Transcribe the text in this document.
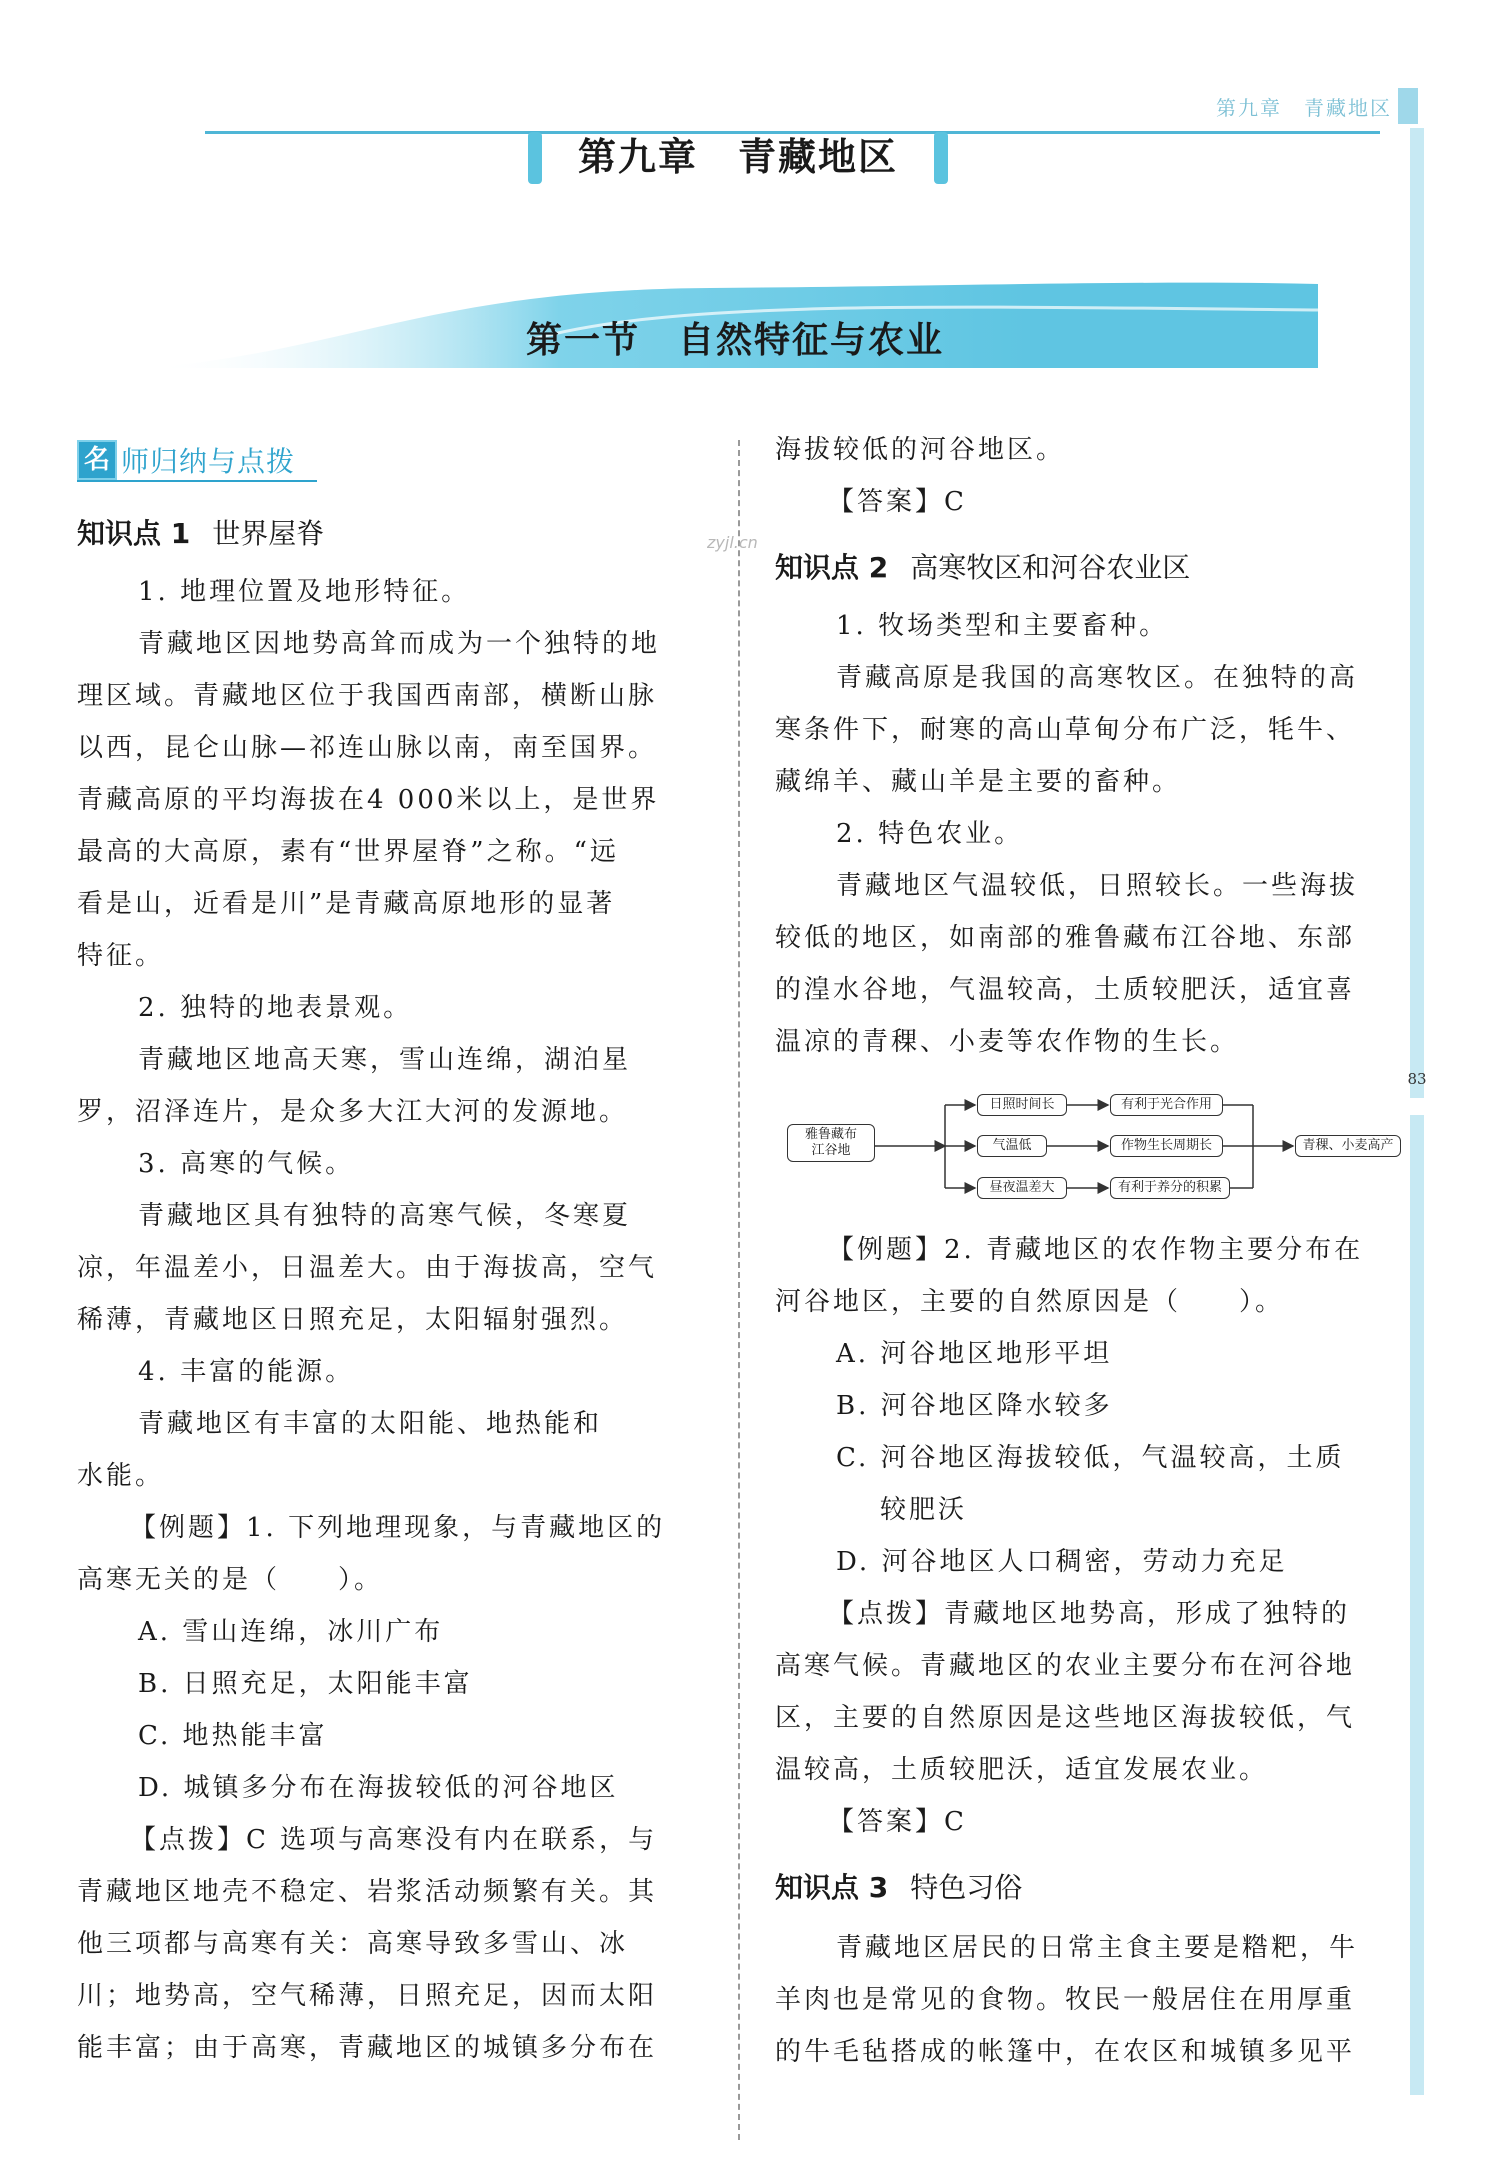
第九章　青藏地区
83
第九章　青藏地区
第一节　自然特征与农业
名 师归纳与点拨
zyjl.cn
知识点 1 世界屋脊
1. 地理位置及地形特征。
青藏地区因地势高耸而成为一个独特的地
理区域。青藏地区位于我国西南部，横断山脉
以西，昆仑山脉—祁连山脉以南，南至国界。
青藏高原的平均海拔在4 000米以上，是世界
最高的大高原，素有“世界屋脊”之称。“远
看是山，近看是川”是青藏高原地形的显著
特征。
2. 独特的地表景观。
青藏地区地高天寒，雪山连绵，湖泊星
罗，沼泽连片，是众多大江大河的发源地。
3. 高寒的气候。
青藏地区具有独特的高寒气候，冬寒夏
凉，年温差小，日温差大。由于海拔高，空气
稀薄，青藏地区日照充足，太阳辐射强烈。
4. 丰富的能源。
青藏地区有丰富的太阳能、地热能和
水能。
【例题】1. 下列地理现象，与青藏地区的
高寒无关的是（　　）。
A. 雪山连绵，冰川广布
B. 日照充足，太阳能丰富
C. 地热能丰富
D. 城镇多分布在海拔较低的河谷地区
【点拨】C 选项与高寒没有内在联系，与
青藏地区地壳不稳定、岩浆活动频繁有关。其
他三项都与高寒有关：高寒导致多雪山、冰
川；地势高，空气稀薄，日照充足，因而太阳
能丰富；由于高寒，青藏地区的城镇多分布在
海拔较低的河谷地区。
【答案】C
知识点 2 高寒牧区和河谷农业区
1. 牧场类型和主要畜种。
青藏高原是我国的高寒牧区。在独特的高
寒条件下，耐寒的高山草甸分布广泛，牦牛、
藏绵羊、藏山羊是主要的畜种。
2. 特色农业。
青藏地区气温较低，日照较长。一些海拔
较低的地区，如南部的雅鲁藏布江谷地、东部
的湟水谷地，气温较高，土质较肥沃，适宜喜
温凉的青稞、小麦等农作物的生长。
雅鲁藏布
江谷地
日照时间长
气温低
昼夜温差大
有利于光合作用
作物生长周期长
有利于养分的积累
青稞、小麦高产
【例题】2. 青藏地区的农作物主要分布在
河谷地区，主要的自然原因是（　　）。
A. 河谷地区地形平坦
B. 河谷地区降水较多
C. 河谷地区海拔较低，气温较高，土质
较肥沃
D. 河谷地区人口稠密，劳动力充足
【点拨】青藏地区地势高，形成了独特的
高寒气候。青藏地区的农业主要分布在河谷地
区，主要的自然原因是这些地区海拔较低，气
温较高，土质较肥沃，适宜发展农业。
【答案】C
知识点 3 特色习俗
青藏地区居民的日常主食主要是糌粑，牛
羊肉也是常见的食物。牧民一般居住在用厚重
的牛毛毡搭成的帐篷中，在农区和城镇多见平
